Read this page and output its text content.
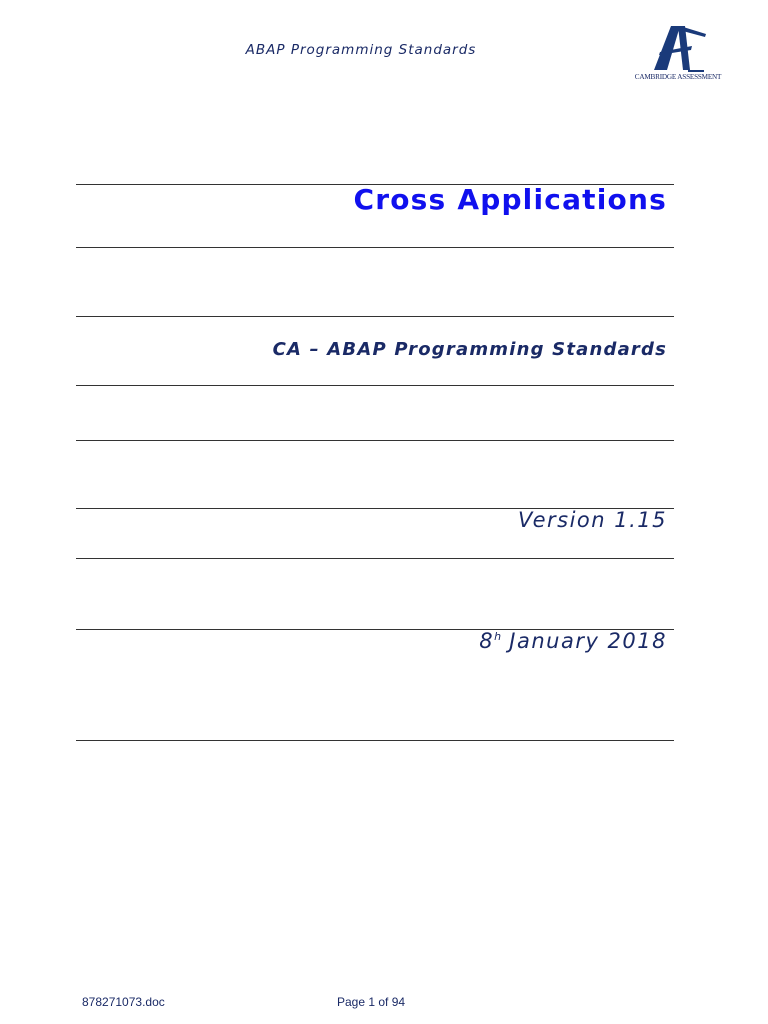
ABAP Programming Standards
CAMBRIDGE ASSESSMENT
Cross Applications
CA – ABAP Programming Standards
Version 1.15
8$^h$ January 2018
878271073.doc	Page 1 of 94
